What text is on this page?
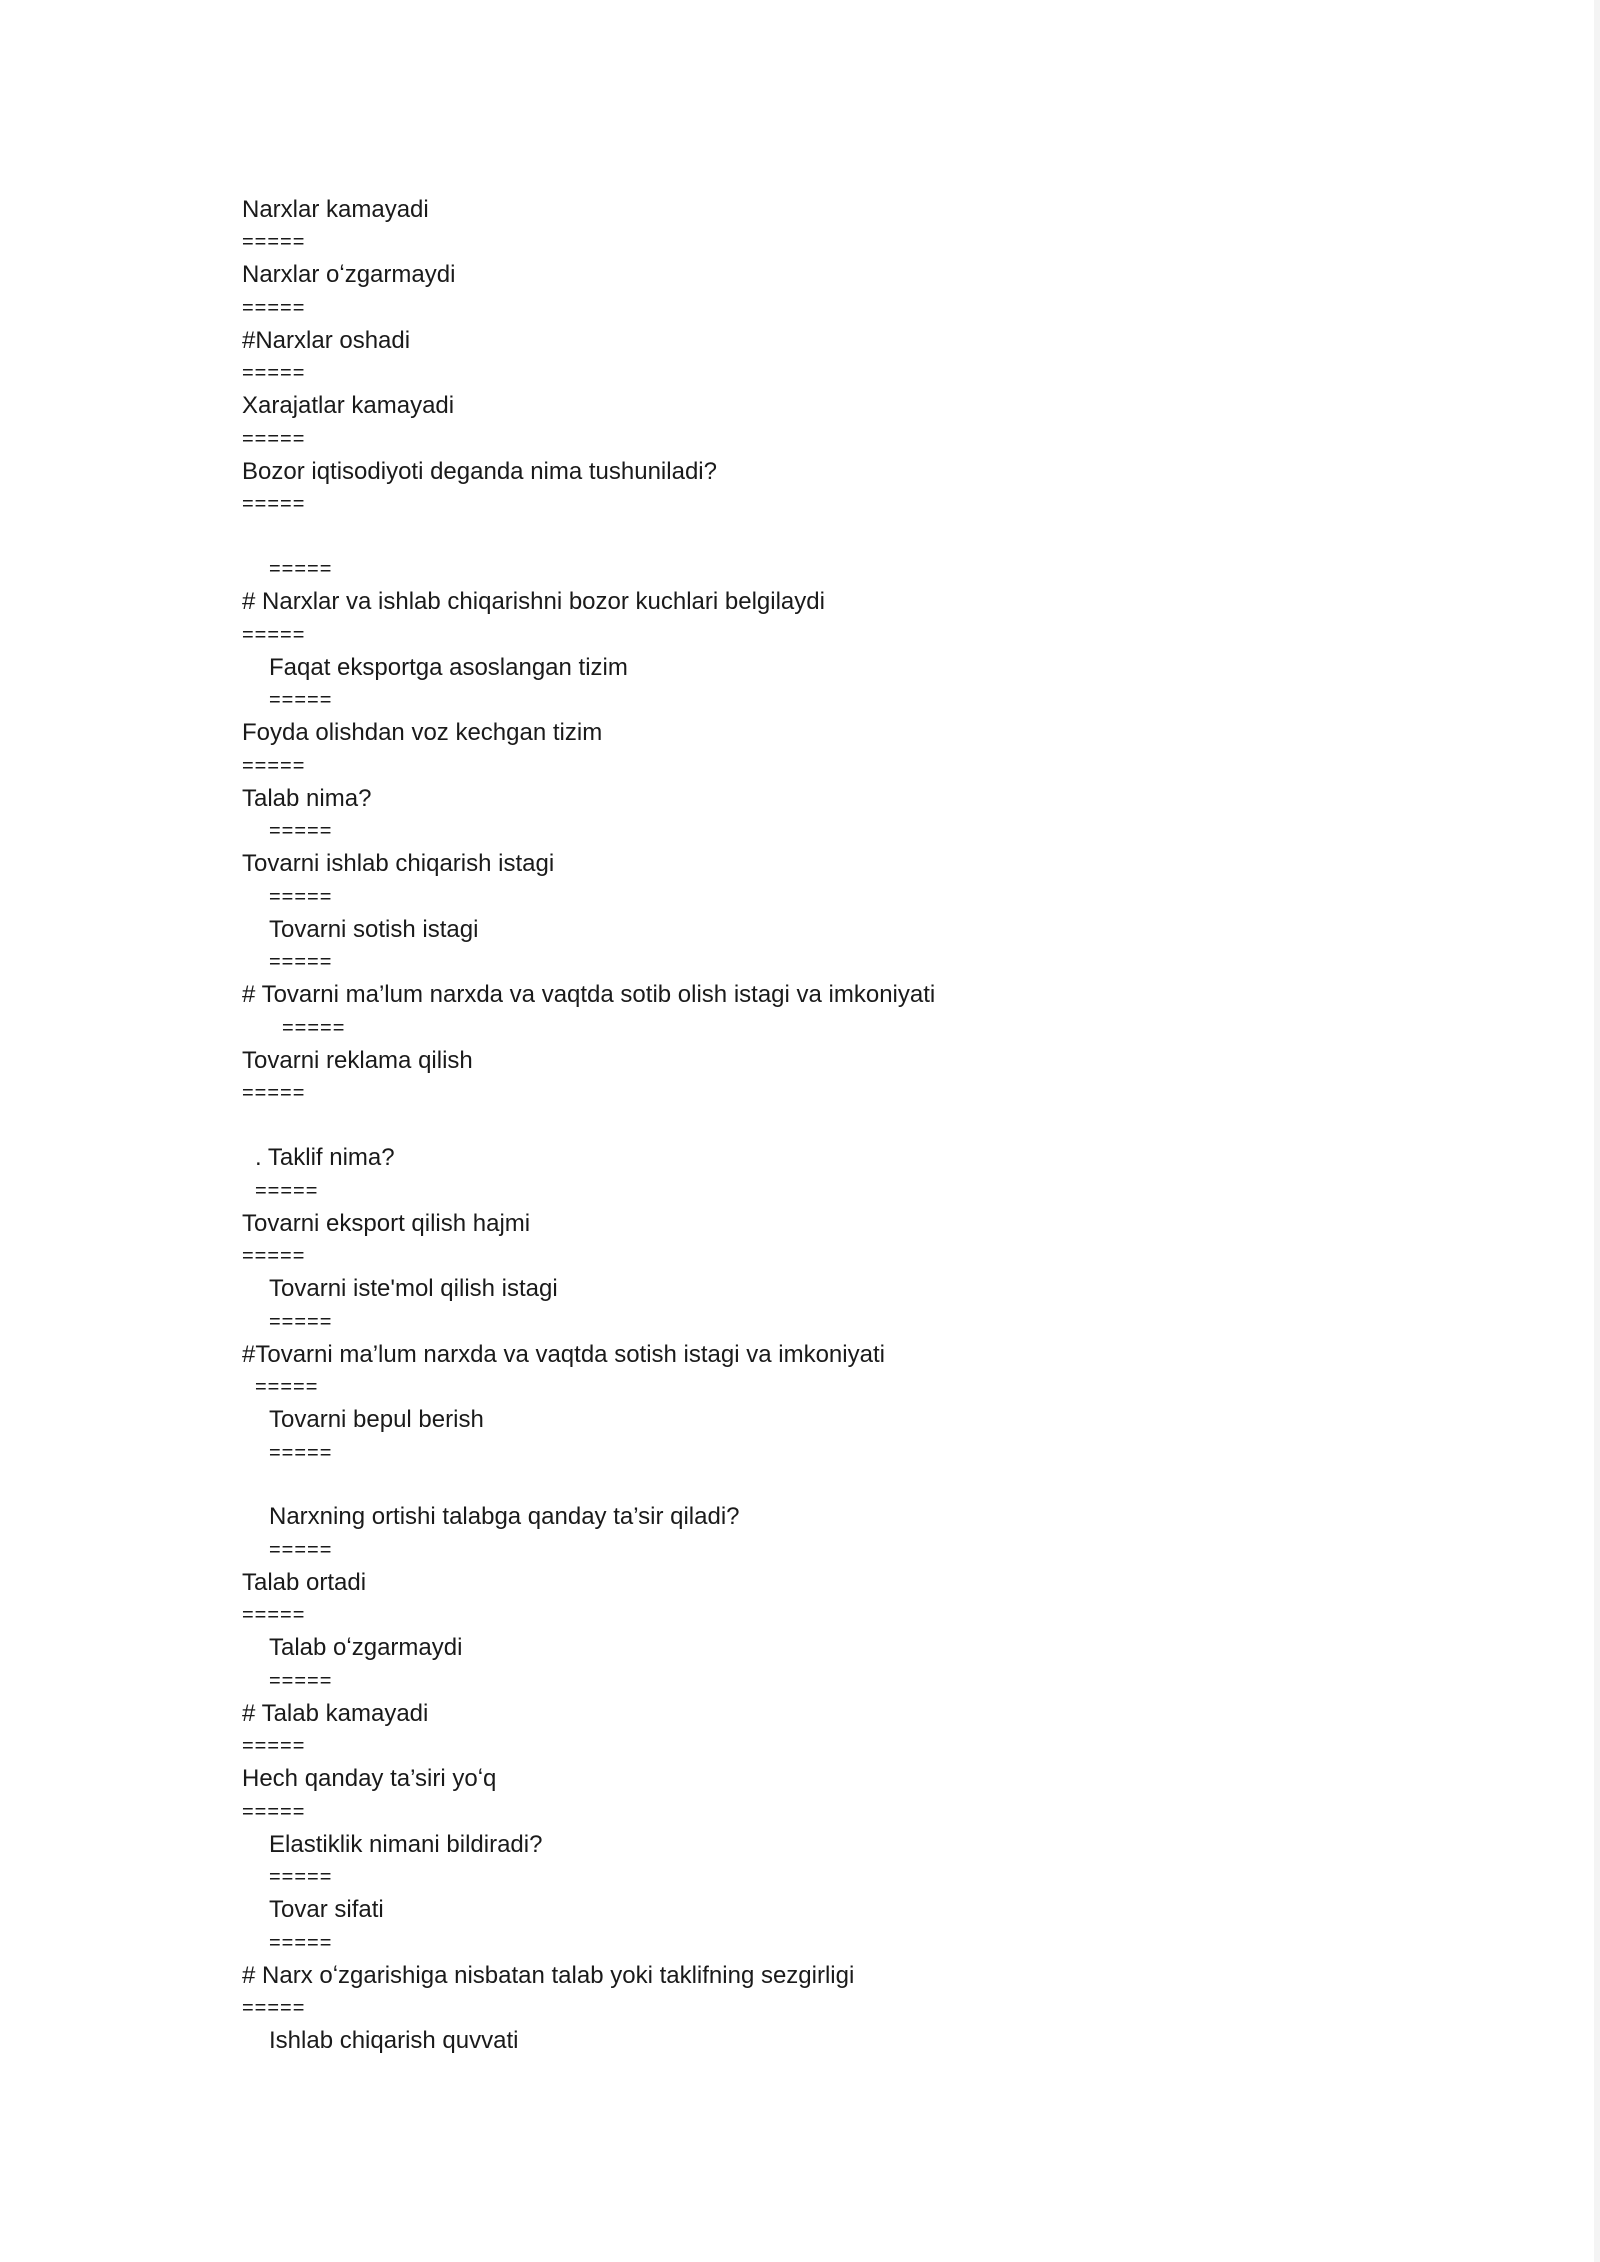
Narxlar kamayadi
=====
Narxlar oʻzgarmaydi
=====
#Narxlar oshadi
=====
Xarajatlar kamayadi
=====
Bozor iqtisodiyoti deganda nima tushuniladi?
=====
=====
# Narxlar va ishlab chiqarishni bozor kuchlari belgilaydi
=====
Faqat eksportga asoslangan tizim
=====
Foyda olishdan voz kechgan tizim
=====
Talab nima?
=====
Tovarni ishlab chiqarish istagi
=====
Tovarni sotish istagi
=====
# Tovarni ma’lum narxda va vaqtda sotib olish istagi va imkoniyati
=====
Tovarni reklama qilish
=====
. Taklif nima?
=====
Tovarni eksport qilish hajmi
=====
Tovarni iste'mol qilish istagi
=====
#Tovarni ma’lum narxda va vaqtda sotish istagi va imkoniyati
=====
Tovarni bepul berish
=====
Narxning ortishi talabga qanday ta’sir qiladi?
=====
Talab ortadi
=====
Talab oʻzgarmaydi
=====
# Talab kamayadi
=====
Hech qanday ta’siri yoʻq
=====
Elastiklik nimani bildiradi?
=====
Tovar sifati
=====
# Narx oʻzgarishiga nisbatan talab yoki taklifning sezgirligi
=====
Ishlab chiqarish quvvati
